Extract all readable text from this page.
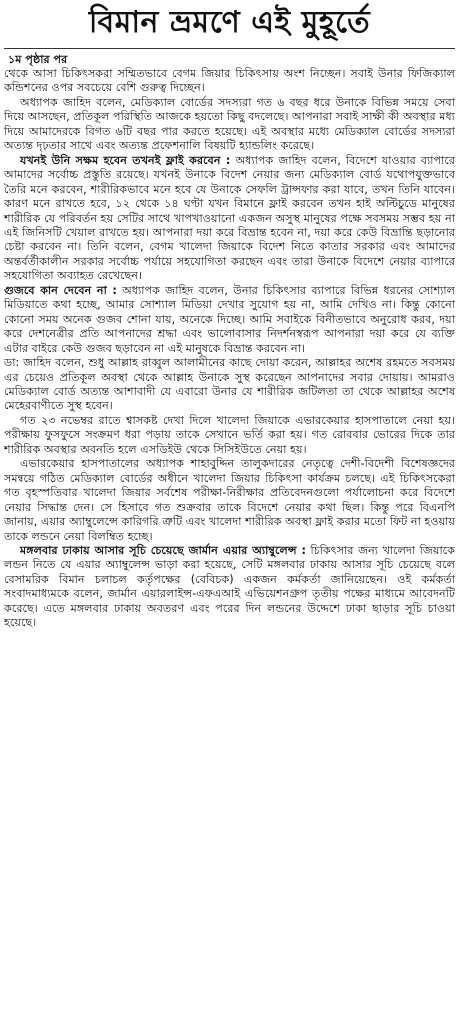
বিমান ভ্রমণে এই মুহূর্তে
১ম পৃষ্ঠার পর

থেকে আসা চিকিৎসকরা সম্মিতভাবে বেগম জিয়ার চিকিৎসায় অংশ নিচ্ছেন। সবাই উনার ফিজিক্যাল কন্ডিশনের ওপর সবচেয়ে বেশি গুরুত্ব দিচ্ছেন।

অধ্যাপক জাহিদ বলেন, মেডিক্যাল বোর্ডের সদস্যরা গত ৬ বছর ধরে উনাকে বিভিন্ন সময়ে সেবা দিয়ে আসছেন, প্রতিকূল পরিস্থিতি আজকে হয়তো কিছু বদলেছে। আপনারা সবাই সাক্ষী কী অবস্থার মধ্য দিয়ে আমাদেরকে বিগত ৬টি বছর পার করতে হয়েছে। এই অবস্থার মধ্যে মেডিক্যাল বোর্ডের সদস্যরা অত্যন্ত দৃঢ়তার সাথে এবং অত্যন্ত প্রফেশনালি বিষয়টি হ্যান্ডলিং করেছে।

যখনই উনি সক্ষম হবেন তখনই ফ্লাই করবেন : অধ্যাপক জাহিদ বলেন, বিদেশে যাওয়ার ব্যাপারে আমাদের সর্বোচ্চ প্রস্তুতি রয়েছে। যখনই উনাকে বিদেশ নেয়ার জন্য মেডিক্যাল বোর্ড যথোপযুক্তভাবে তৈরি মনে করবেন, শারীরিকভাবে মনে হবে যে উনাকে সেফলি ট্রান্সফার করা যাবে, তখন তিনি যাবেন। কারণ মনে রাখতে হবে, ১২ থেকে ১৪ ঘণ্টা যখন বিমানে ফ্লাই করবেন তখন হাই অল্টিচুডে মানুষের শারীরিক যে পরিবর্তন হয় সেটির সাথে খাপখাওয়ানো একজন অসুস্থ মানুষের পক্ষে সবসময় সম্ভব হয় না এই জিনিসটি খেয়াল রাখতে হয়। আপনারা দয়া করে বিভ্রান্ত হবেন না, দয়া করে কেউ বিভ্রান্তি ছড়ানোর চেষ্টা করবেন না। তিনি বলেন, বেগম খালেদা জিয়াকে বিদেশ নিতে কাতার সরকার এবং আমাদের অন্তর্বর্তীকালীন সরকার সর্বোচ্চ পর্যায়ে সহযোগিতা করছেন এবং তারা উনাকে বিদেশে নেয়ার ব্যাপারে সহযোগিতা অব্যাহত রেখেছেন।

গুজবে কান দেবেন না : অধ্যাপক জাহিদ বলেন, উনার চিকিৎসার ব্যাপারে বিভিন্ন ধরনের সোশ্যাল মিডিয়াতে কথা হচ্ছে, আমার সোশ্যাল মিডিয়া দেখার সুযোগ হয় না, আমি দেখিও না। কিন্তু কোনো কোনো সময় অনেক গুজব শোনা যায়, অনেকে দিচ্ছে। আমি সবাইকে বিনীতভাবে অনুরোধ করব, দয়া করে দেশনেত্রীর প্রতি আপনাদের শ্রদ্ধা এবং ভালোবাসার নিদর্শনস্বরূপ আপনারা দয়া করে যে ব্যক্তি এটার বাইরে কেউ গুজব ছড়াবেন না এই মানুষকে বিভ্রান্ত করবেন না।

ডা: জাহিদ বলেন, শুধু আল্লাহ রাব্বুল আলামীনের কাছে দোয়া করেন, আল্লাহর অশেষ রহমতে সবসময় এর চেয়েও প্রতিকূল অবস্থা থেকে আল্লাহ উনাকে সুস্থ করেছেন আপনাদের সবার দোয়ায়। আমরাও মেডিক্যাল বোর্ড অত্যন্ত আশাবাদী যে এবারো উনার যে শারীরিক জটিলতা তা থেকে আল্লাহর অশেষ মেহেরবাণীতে সুস্থ হবেন।

গত ২৩ নভেম্বর রাতে শ্বাসকষ্ট দেখা দিলে খালেদা জিয়াকে এভারকেয়ার হাসপাতালে নেয়া হয়। পরীক্ষায় ফুসফুসে সংক্রমণ ধরা পড়ায় তাকে সেখানে ভর্তি করা হয়। গত রোববার ভোরের দিকে তার শারীরিক অবস্থার অবনতি হলে এসডিইউ থেকে সিসিইউতে নেয়া হয়।

এভারকেয়ার হাসপাতালের অধ্যাপক শাহাবুদ্দিন তালুকদারের নেতৃত্বে দেশী-বিদেশী বিশেষজ্ঞদের সমন্বয়ে গঠিত মেডিক্যাল বোর্ডের অধীনে খালেদা জিয়ার চিকিৎসা কার্যক্রম চলছে। এই চিকিৎসকেরা গত বৃহস্পতিবার খালেদা জিয়ার সর্বশেষ পরীক্ষা-নিরীক্ষার প্রতিবেদনগুলো পর্যালোচনা করে বিদেশে নেয়ার সিদ্ধান্ত দেন। সে হিসাবে গত শুক্রবার তাকে বিদেশে নেয়ার কথা ছিল। কিন্তু পরে বিএনপি জানায়, এয়ার অ্যাম্বুলেন্সে কারিগরি ত্রুটি এবং খালেদা শারীরিক অবস্থা ফ্লাই করার মতো ফিট না হওয়ায় তাকে লন্ডনে নেয়া বিলম্বিত হচ্ছে।

মঙ্গলবার ঢাকায় আসার সূচি চেয়েছে জার্মান এয়ার অ্যাম্বুলেন্স : চিকিৎসার জন্য খালেদা জিয়াকে লন্ডন নিতে যে এয়ার অ্যাম্বুলেন্স ভাড়া করা হয়েছে, সেটি মঙ্গলবার ঢাকায় আসার সূচি চেয়েছে বলে বেসামরিক বিমান চলাচল কর্তৃপক্ষের (বেবিচক) একজন কর্মকর্তা জানিয়েছেন। ওই কর্মকর্তা সংবাদমাধ্যমকে বলেন, জার্মান এয়ারলাইন্স-এফএআই এভিয়েশনগ্রুপ তৃতীয় পক্ষের মাধ্যমে আবেদনটি করেছে। এতে মঙ্গলবার ঢাকায় অবতরণ এবং পরের দিন লন্ডনের উদ্দেশে ঢাকা ছাড়ার সূচি চাওয়া হয়েছে।
